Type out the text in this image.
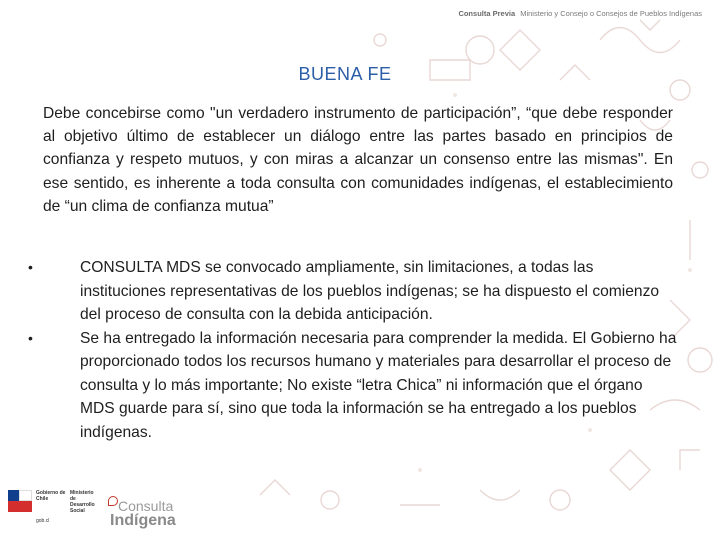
Consulta Previa Ministerio y Consejo o Consejos de Pueblos Indígenas
BUENA FE
Debe concebirse como "un verdadero instrumento de participación”, “que debe responder al objetivo último de establecer un diálogo entre las partes basado en principios de confianza y respeto mutuos, y con miras a alcanzar un consenso entre las mismas". En ese sentido, es inherente a toda consulta con comunidades indígenas, el establecimiento de “un clima de confianza mutua”
•	CONSULTA MDS se convocado ampliamente, sin limitaciones, a todas las instituciones representativas de los pueblos indígenas; se ha dispuesto el comienzo del proceso de consulta con la debida anticipación.
•	Se ha entregado la información necesaria para comprender la medida. El Gobierno ha proporcionado todos los recursos humano y materiales para desarrollar el proceso de consulta y lo más importante; No existe “letra Chica” ni información que el órgano MDS guarde para sí, sino que toda la información se ha entregado a los pueblos indígenas.
Gobierno de Chile
gob.cl
Ministerio de Desarrollo Social	Consulta
Indígena
